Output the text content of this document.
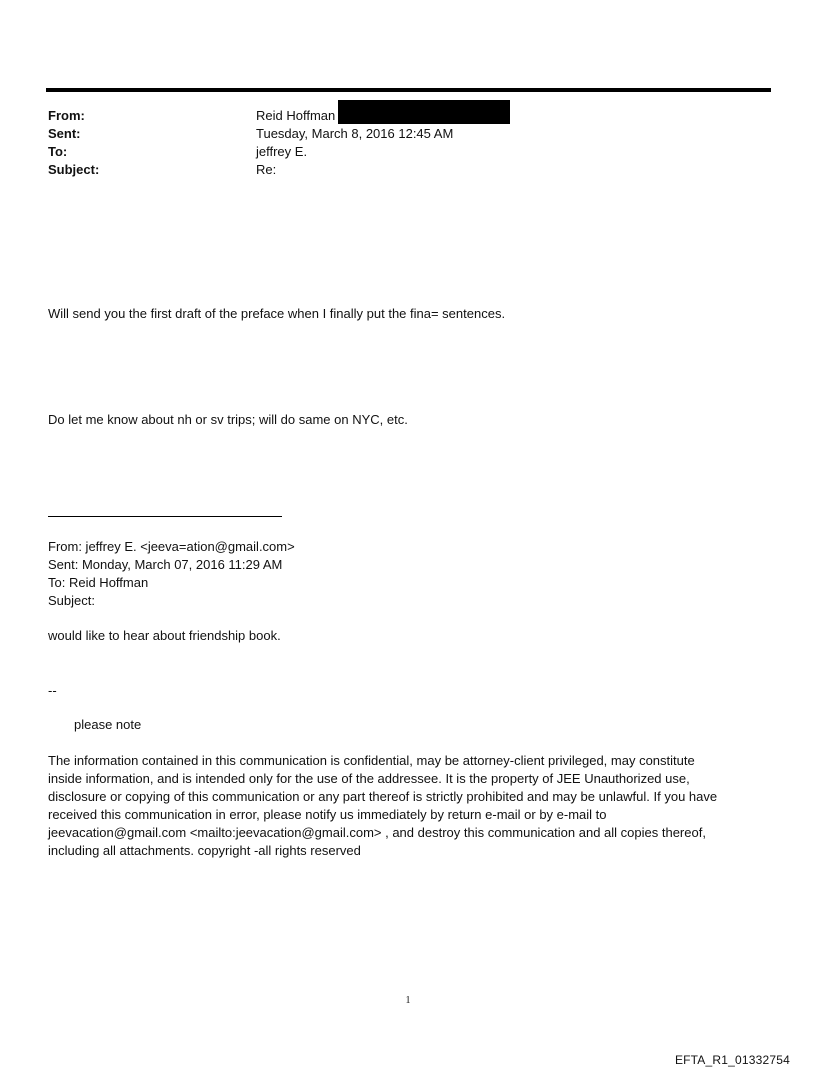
From:	Reid Hoffman
Sent:	Tuesday, March 8, 2016 12:45 AM
To:	jeffrey E.
Subject:	Re:
Will send you the first draft of the preface when I finally put the fina= sentences.
Do let me know about nh or sv trips; will do same on NYC, etc.
From: jeffrey E. <jeeva=ation@gmail.com>
Sent: Monday, March 07, 2016 11:29 AM
To: Reid Hoffman
Subject:
would like to hear about friendship book.
--
please note
The information contained in this communication is confidential, may be attorney-client privileged, may constitute
inside information, and is intended only for the use of the addressee. It is the property of JEE Unauthorized use,
disclosure or copying of this communication or any part thereof is strictly prohibited and may be unlawful. If you have
received this communication in error, please notify us immediately by return e-mail or by e-mail to
jeevacation@gmail.com <mailto:jeevacation@gmail.com> , and destroy this communication and all copies thereof,
including all attachments. copyright -all rights reserved
1
EFTA_R1_01332754
